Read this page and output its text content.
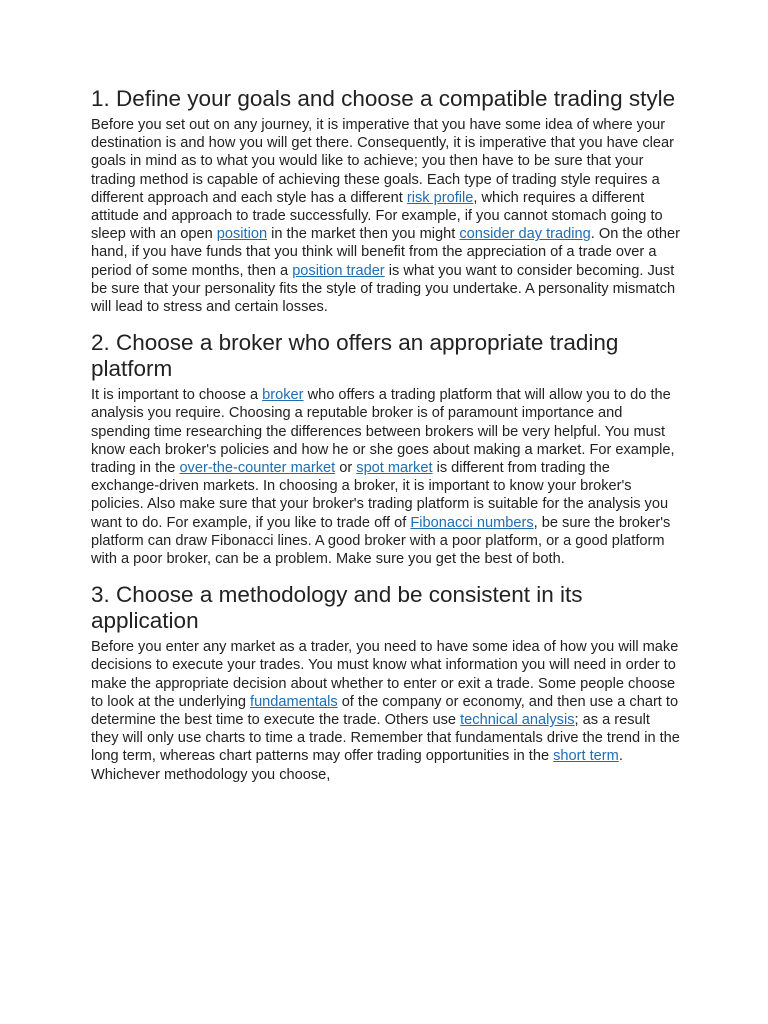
1. Define your goals and choose a compatible trading style

Before you set out on any journey, it is imperative that you have some idea of where your destination is and how you will get there. Consequently, it is imperative that you have clear goals in mind as to what you would like to achieve; you then have to be sure that your trading method is capable of achieving these goals. Each type of trading style requires a different approach and each style has a different risk profile, which requires a different attitude and approach to trade successfully. For example, if you cannot stomach going to sleep with an open position in the market then you might consider day trading. On the other hand, if you have funds that you think will benefit from the appreciation of a trade over a period of some months, then a position trader is what you want to consider becoming. Just be sure that your personality fits the style of trading you undertake. A personality mismatch will lead to stress and certain losses.

2. Choose a broker who offers an appropriate trading platform

It is important to choose a broker who offers a trading platform that will allow you to do the analysis you require. Choosing a reputable broker is of paramount importance and spending time researching the differences between brokers will be very helpful. You must know each broker's policies and how he or she goes about making a market. For example, trading in the over-the-counter market or spot market is different from trading the exchange-driven markets. In choosing a broker, it is important to know your broker's policies. Also make sure that your broker's trading platform is suitable for the analysis you want to do. For example, if you like to trade off of Fibonacci numbers, be sure the broker's platform can draw Fibonacci lines. A good broker with a poor platform, or a good platform with a poor broker, can be a problem. Make sure you get the best of both.

3. Choose a methodology and be consistent in its application

Before you enter any market as a trader, you need to have some idea of how you will make decisions to execute your trades. You must know what information you will need in order to make the appropriate decision about whether to enter or exit a trade. Some people choose to look at the underlying fundamentals of the company or economy, and then use a chart to determine the best time to execute the trade. Others use technical analysis; as a result they will only use charts to time a trade. Remember that fundamentals drive the trend in the long term, whereas chart patterns may offer trading opportunities in the short term. Whichever methodology you choose,
